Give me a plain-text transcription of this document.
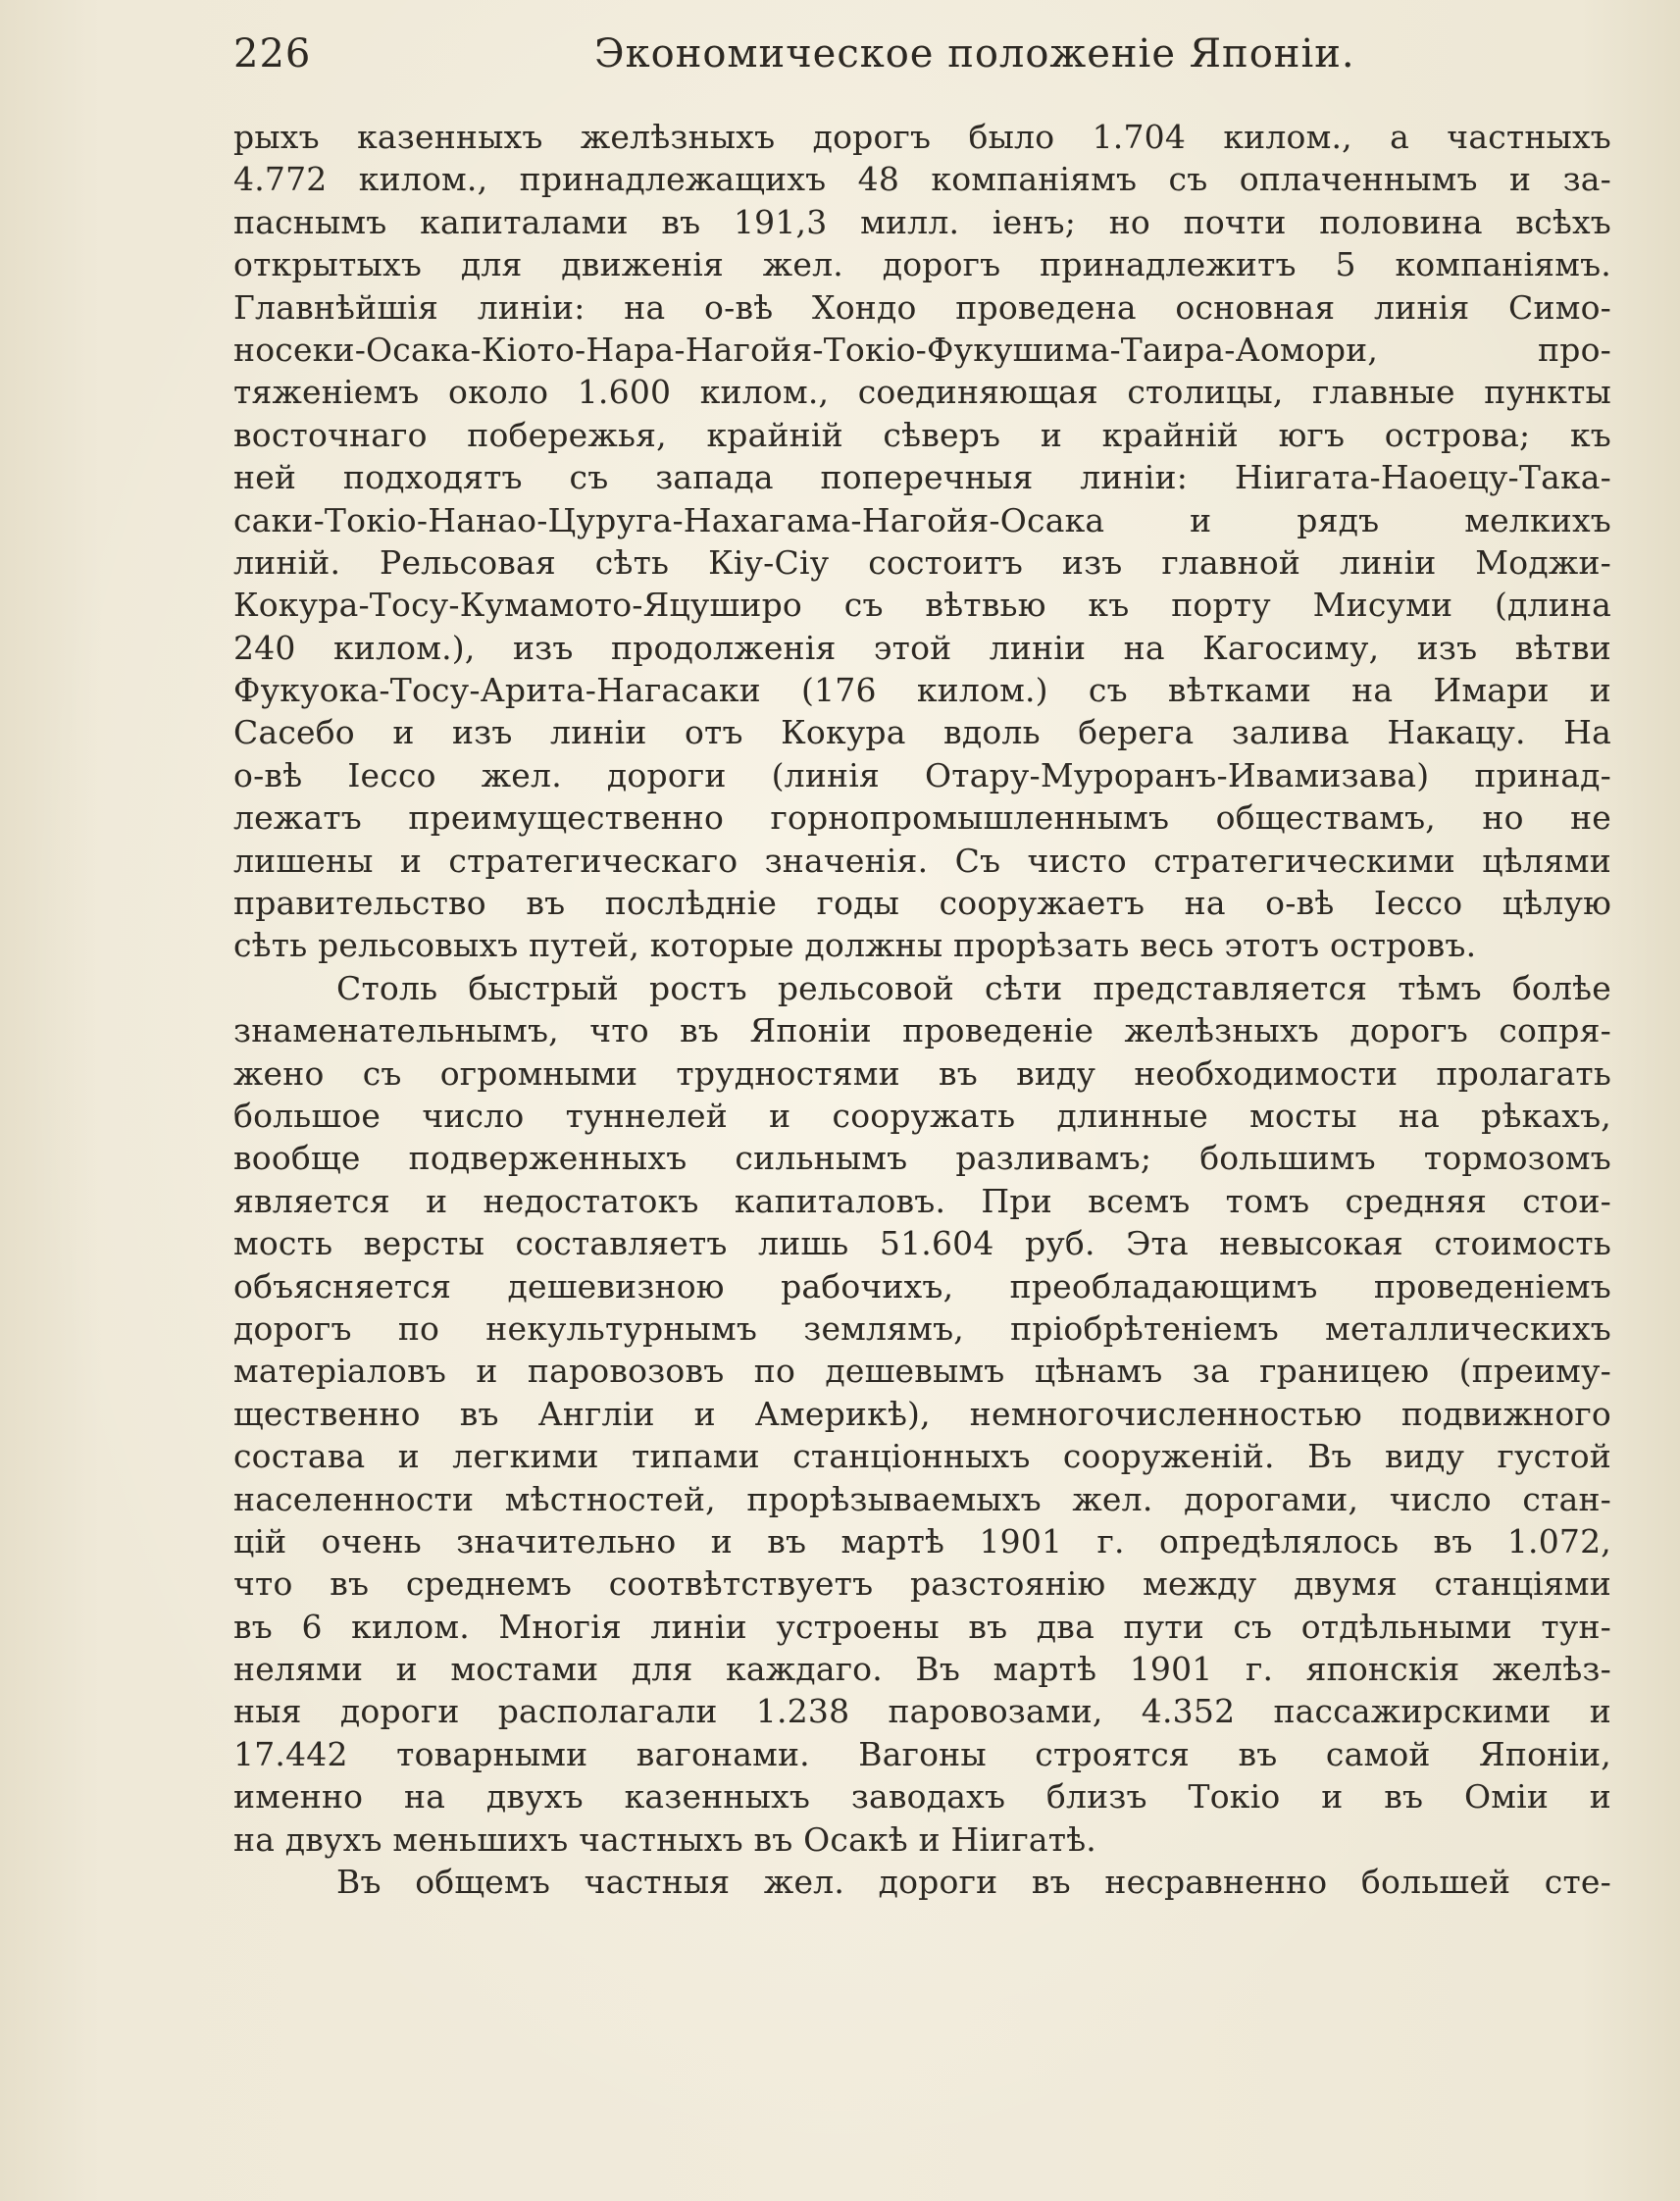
226	Экономическое положеніе Японіи.
рыхъ казенныхъ желѣзныхъ дорогъ было 1.704 килом., а частныхъ
4.772 килом., принадлежащихъ 48 компаніямъ съ оплаченнымъ и за-
паснымъ капиталами въ 191,3 милл. іенъ; но почти половина всѣхъ
открытыхъ для движенія жел. дорогъ принадлежитъ 5 компаніямъ.
Главнѣйшія линіи: на о-вѣ Хондо проведена основная линія Симо-
носеки-Осака-Кіото-Нара-Нагойя-Токіо-Фукушима-Таира-Аомори, про-
тяженіемъ около 1.600 килом., соединяющая столицы, главные пункты
восточнаго побережья, крайній сѣверъ и крайній югъ острова; къ
ней подходятъ съ запада поперечныя линіи: Ніигата-Наоецу-Така-
саки-Токіо-Нанао-Цуруга-Нахагама-Нагойя-Осака и рядъ мелкихъ
линій. Рельсовая сѣть Кіу-Сіу состоитъ изъ главной линіи Моджи-
Кокура-Тосу-Кумамото-Яцуширо съ вѣтвью къ порту Мисуми (длина
240 килом.), изъ продолженія этой линіи на Кагосиму, изъ вѣтви
Фукуока-Тосу-Арита-Нагасаки (176 килом.) съ вѣтками на Имари и
Сасебо и изъ линіи отъ Кокура вдоль берега залива Накацу. На
о-вѣ Іессо жел. дороги (линія Отару-Муроранъ-Ивамизава) принад-
лежатъ преимущественно горнопромышленнымъ обществамъ, но не
лишены и стратегическаго значенія. Съ чисто стратегическими цѣлями
правительство въ послѣдніе годы сооружаетъ на о-вѣ Іессо цѣлую
сѣть рельсовыхъ путей, которые должны прорѣзать весь этотъ островъ.
Столь быстрый ростъ рельсовой сѣти представляется тѣмъ болѣе
знаменательнымъ, что въ Японіи проведеніе желѣзныхъ дорогъ сопря-
жено съ огромными трудностями въ виду необходимости пролагать
большое число туннелей и сооружать длинные мосты на рѣкахъ,
вообще подверженныхъ сильнымъ разливамъ; большимъ тормозомъ
является и недостатокъ капиталовъ. При всемъ томъ средняя стои-
мость версты составляетъ лишь 51.604 руб. Эта невысокая стоимость
объясняется дешевизною рабочихъ, преобладающимъ проведеніемъ
дорогъ по некультурнымъ землямъ, пріобрѣтеніемъ металлическихъ
матеріаловъ и паровозовъ по дешевымъ цѣнамъ за границею (преиму-
щественно въ Англіи и Америкѣ), немногочисленностью подвижного
состава и легкими типами станціонныхъ сооруженій. Въ виду густой
населенности мѣстностей, прорѣзываемыхъ жел. дорогами, число стан-
цій очень значительно и въ мартѣ 1901 г. опредѣлялось въ 1.072,
что въ среднемъ соотвѣтствуетъ разстоянію между двумя станціями
въ 6 килом. Многія линіи устроены въ два пути съ отдѣльными тун-
нелями и мостами для каждаго. Въ мартѣ 1901 г. японскія желѣз-
ныя дороги располагали 1.238 паровозами, 4.352 пассажирскими и
17.442 товарными вагонами. Вагоны строятся въ самой Японіи,
именно на двухъ казенныхъ заводахъ близъ Токіо и въ Оміи и
на двухъ меньшихъ частныхъ въ Осакѣ и Ніигатѣ.
Въ общемъ частныя жел. дороги въ несравненно большей сте-
